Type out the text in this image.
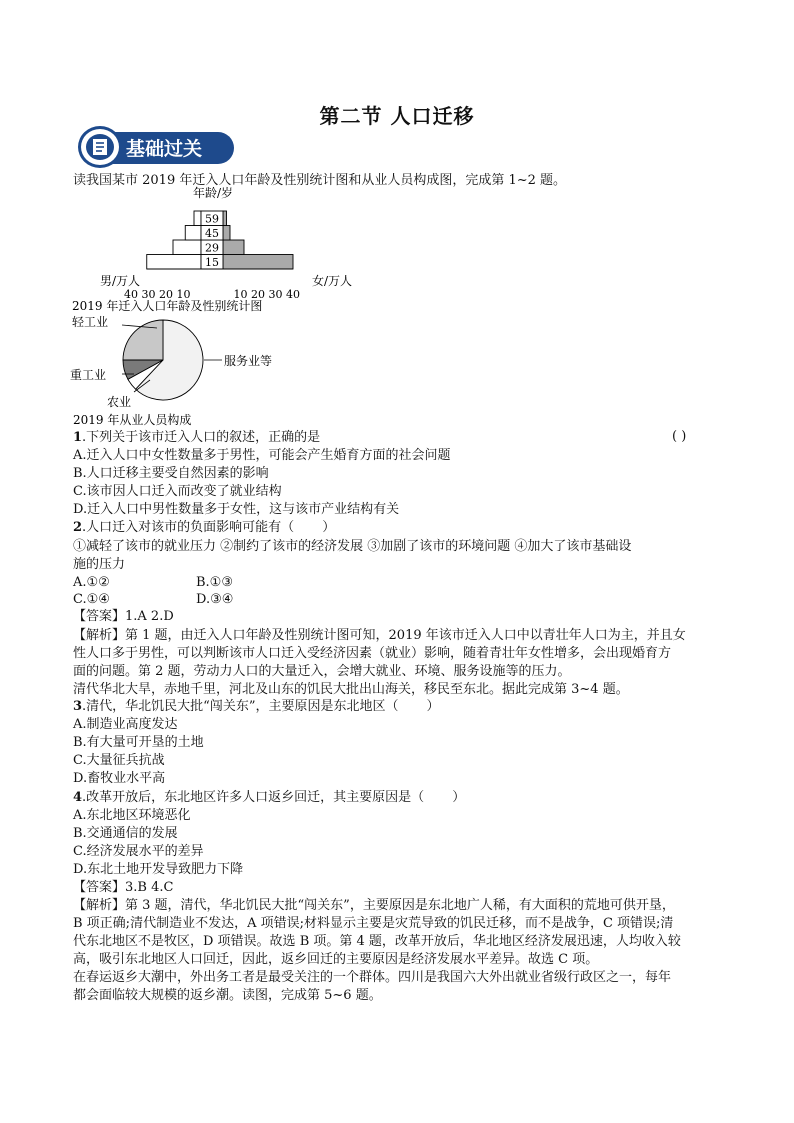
第二节 人口迁移
基础过关
读我国某市 2019 年迁入人口年龄及性别统计图和从业人员构成图，完成第 1~2 题。
年龄/岁
15
29
45
59
40 30 20 10	10 20 30 40
男/万人	女/万人
2019 年迁入人口年龄及性别统计图
轻工业
服务业等
重工业
农业
2019 年从业人员构成
1.下列关于该市迁入人口的叙述，正确的是	( )
A.迁入人口中女性数量多于男性，可能会产生婚育方面的社会问题
B.人口迁移主要受自然因素的影响
C.该市因人口迁入而改变了就业结构
D.迁入人口中男性数量多于女性，这与该市产业结构有关
2.人口迁入对该市的负面影响可能有（ ）
①减轻了该市的就业压力 ②制约了该市的经济发展 ③加剧了该市的环境问题 ④加大了该市基础设
施的压力
A.①②	B.①③
C.①④	D.③④
【答案】1.A 2.D
【解析】第 1 题，由迁入人口年龄及性别统计图可知，2019 年该市迁入人口中以青壮年人口为主，并且女
性人口多于男性，可以判断该市人口迁入受经济因素（就业）影响，随着青壮年女性增多，会出现婚育方
面的问题。第 2 题，劳动力人口的大量迁入，会增大就业、环境、服务设施等的压力。
清代华北大旱，赤地千里，河北及山东的饥民大批出山海关，移民至东北。据此完成第 3~4 题。
3.清代，华北饥民大批“闯关东”，主要原因是东北地区（ ）
A.制造业高度发达
B.有大量可开垦的土地
C.大量征兵抗战
D.畜牧业水平高
4.改革开放后，东北地区许多人口返乡回迁，其主要原因是（ ）
A.东北地区环境恶化
B.交通通信的发展
C.经济发展水平的差异
D.东北土地开发导致肥力下降
【答案】3.B 4.C
【解析】第 3 题，清代，华北饥民大批“闯关东”，主要原因是东北地广人稀，有大面积的荒地可供开垦，
B 项正确;清代制造业不发达，A 项错误;材料显示主要是灾荒导致的饥民迁移，而不是战争，C 项错误;清
代东北地区不是牧区，D 项错误。故选 B 项。第 4 题，改革开放后，华北地区经济发展迅速，人均收入较
高，吸引东北地区人口回迁，因此，返乡回迁的主要原因是经济发展水平差异。故选 C 项。
在春运返乡大潮中，外出务工者是最受关注的一个群体。四川是我国六大外出就业省级行政区之一，每年
都会面临较大规模的返乡潮。读图，完成第 5~6 题。
